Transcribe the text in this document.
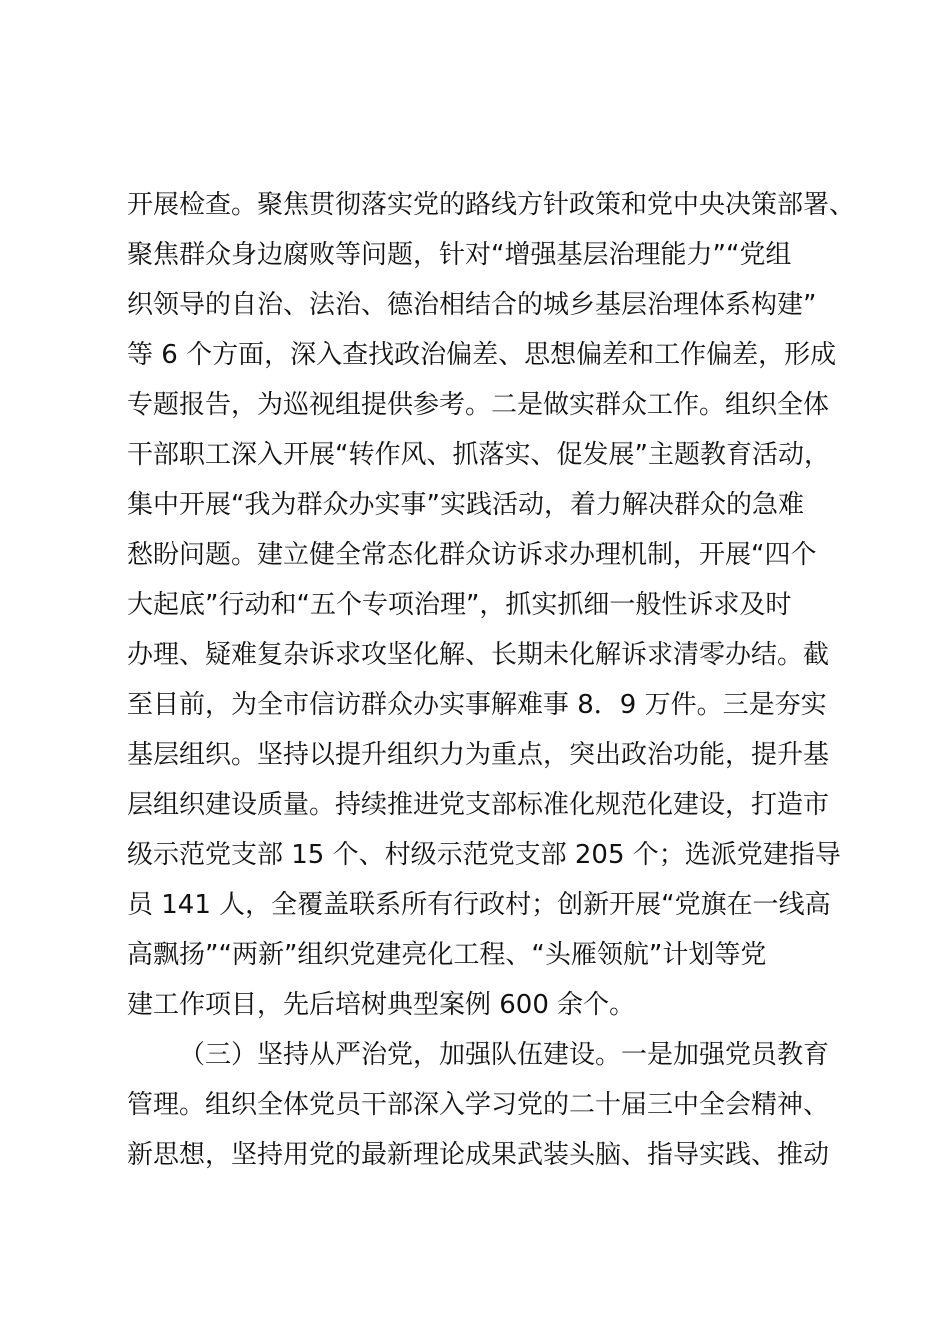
开展检查。聚焦贯彻落实党的路线方针政策和党中央决策部署、
聚焦群众身边腐败等问题，针对“增强基层治理能力”“党组
织领导的自治、法治、德治相结合的城乡基层治理体系构建”
等 6 个方面，深入查找政治偏差、思想偏差和工作偏差，形成
专题报告，为巡视组提供参考。二是做实群众工作。组织全体
干部职工深入开展“转作风、抓落实、促发展”主题教育活动，
集中开展“我为群众办实事”实践活动，着力解决群众的急难
愁盼问题。建立健全常态化群众访诉求办理机制，开展“四个
大起底”行动和“五个专项治理”，抓实抓细一般性诉求及时
办理、疑难复杂诉求攻坚化解、长期未化解诉求清零办结。截
至目前，为全市信访群众办实事解难事 8．9 万件。三是夯实
基层组织。坚持以提升组织力为重点，突出政治功能，提升基
层组织建设质量。持续推进党支部标准化规范化建设，打造市
级示范党支部 15 个、村级示范党支部 205 个；选派党建指导
员 141 人，全覆盖联系所有行政村；创新开展“党旗在一线高
高飘扬”“两新”组织党建亮化工程、“头雁领航”计划等党
建工作项目，先后培树典型案例 600 余个。
（三）坚持从严治党，加强队伍建设。一是加强党员教育
管理。组织全体党员干部深入学习党的二十届三中全会精神、
新思想，坚持用党的最新理论成果武装头脑、指导实践、推动
